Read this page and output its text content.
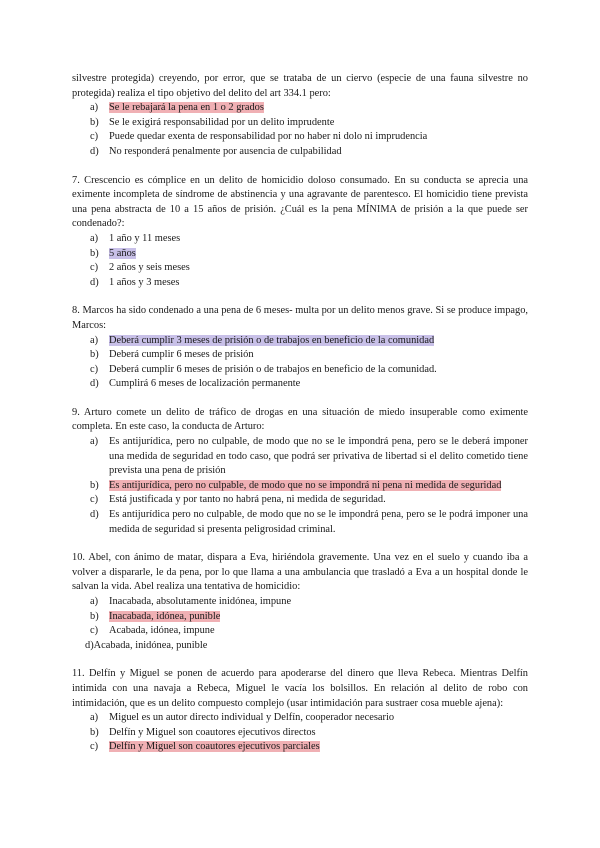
silvestre protegida) creyendo, por error, que se trataba de un ciervo (especie de una fauna silvestre no protegida) realiza el tipo objetivo del delito del art 334.1 pero:

a)	Se le rebajará la pena en 1 o 2 grados
b) Se le exigirá responsabilidad por un delito imprudente
c)	Puede quedar exenta de responsabilidad por no haber ni dolo ni imprudencia
d) No responderá penalmente por ausencia de culpabilidad

7. Crescencio es cómplice en un delito de homicidio doloso consumado. En su conducta se aprecia una eximente incompleta de síndrome de abstinencia y una agravante de parentesco. El homicidio tiene prevista una pena abstracta de 10 a 15 años de prisión. ¿Cuál es la pena MÍNIMA de prisión a la que puede ser condenado?:

a)	1 año y 11 meses
b) 5 años
c)	2 años y seis meses
d) 1 años y 3 meses

8. Marcos ha sido condenado a una pena de 6 meses- multa por un delito menos grave. Si se produce impago, Marcos:

a)	Deberá cumplir 3 meses de prisión o de trabajos en beneficio de la comunidad
b) Deberá cumplir 6 meses de prisión
c)	Deberá cumplir 6 meses de prisión o de trabajos en beneficio de la comunidad.
d) Cumplirá 6 meses de localización permanente

9. Arturo comete un delito de tráfico de drogas en una situación de miedo insuperable como eximente completa. En este caso, la conducta de Arturo:

a)	Es antijurídica, pero no culpable, de modo que no se le impondrá pena, pero se le deberá imponer una medida de seguridad en todo caso, que podrá ser privativa de libertad si el delito cometido tiene prevista una pena de prisión
b) Es antijurídica, pero no culpable, de modo que no se impondrá ni pena ni medida de seguridad
c)	Está justificada y por tanto no habrá pena, ni medida de seguridad.
d) Es antijurídica pero no culpable, de modo que no se le impondrá pena, pero se le podrá imponer una medida de seguridad si presenta peligrosidad criminal.

10. Abel, con ánimo de matar, dispara a Eva, hiriéndola gravemente. Una vez en el suelo y cuando iba a volver a dispararle, le da pena, por lo que llama a una ambulancia que trasladó a Eva a un hospital donde le salvan la vida. Abel realiza una tentativa de homicidio:

a)	Inacabada, absolutamente inidónea, impune
b) Inacabada, idónea, punible
c)	Acabada, idónea, impune
d) Acabada, inidónea, punible

11. Delfín y Miguel se ponen de acuerdo para apoderarse del dinero que lleva Rebeca. Mientras Delfín intimida con una navaja a Rebeca, Miguel le vacía los bolsillos. En relación al delito de robo con intimidación, que es un delito compuesto complejo (usar intimidación para sustraer cosa mueble ajena):

a)	Miguel es un autor directo individual y Delfín, cooperador necesario
b) Delfín y Miguel son coautores ejecutivos directos
c)	Delfín y Miguel son coautores ejecutivos parciales
